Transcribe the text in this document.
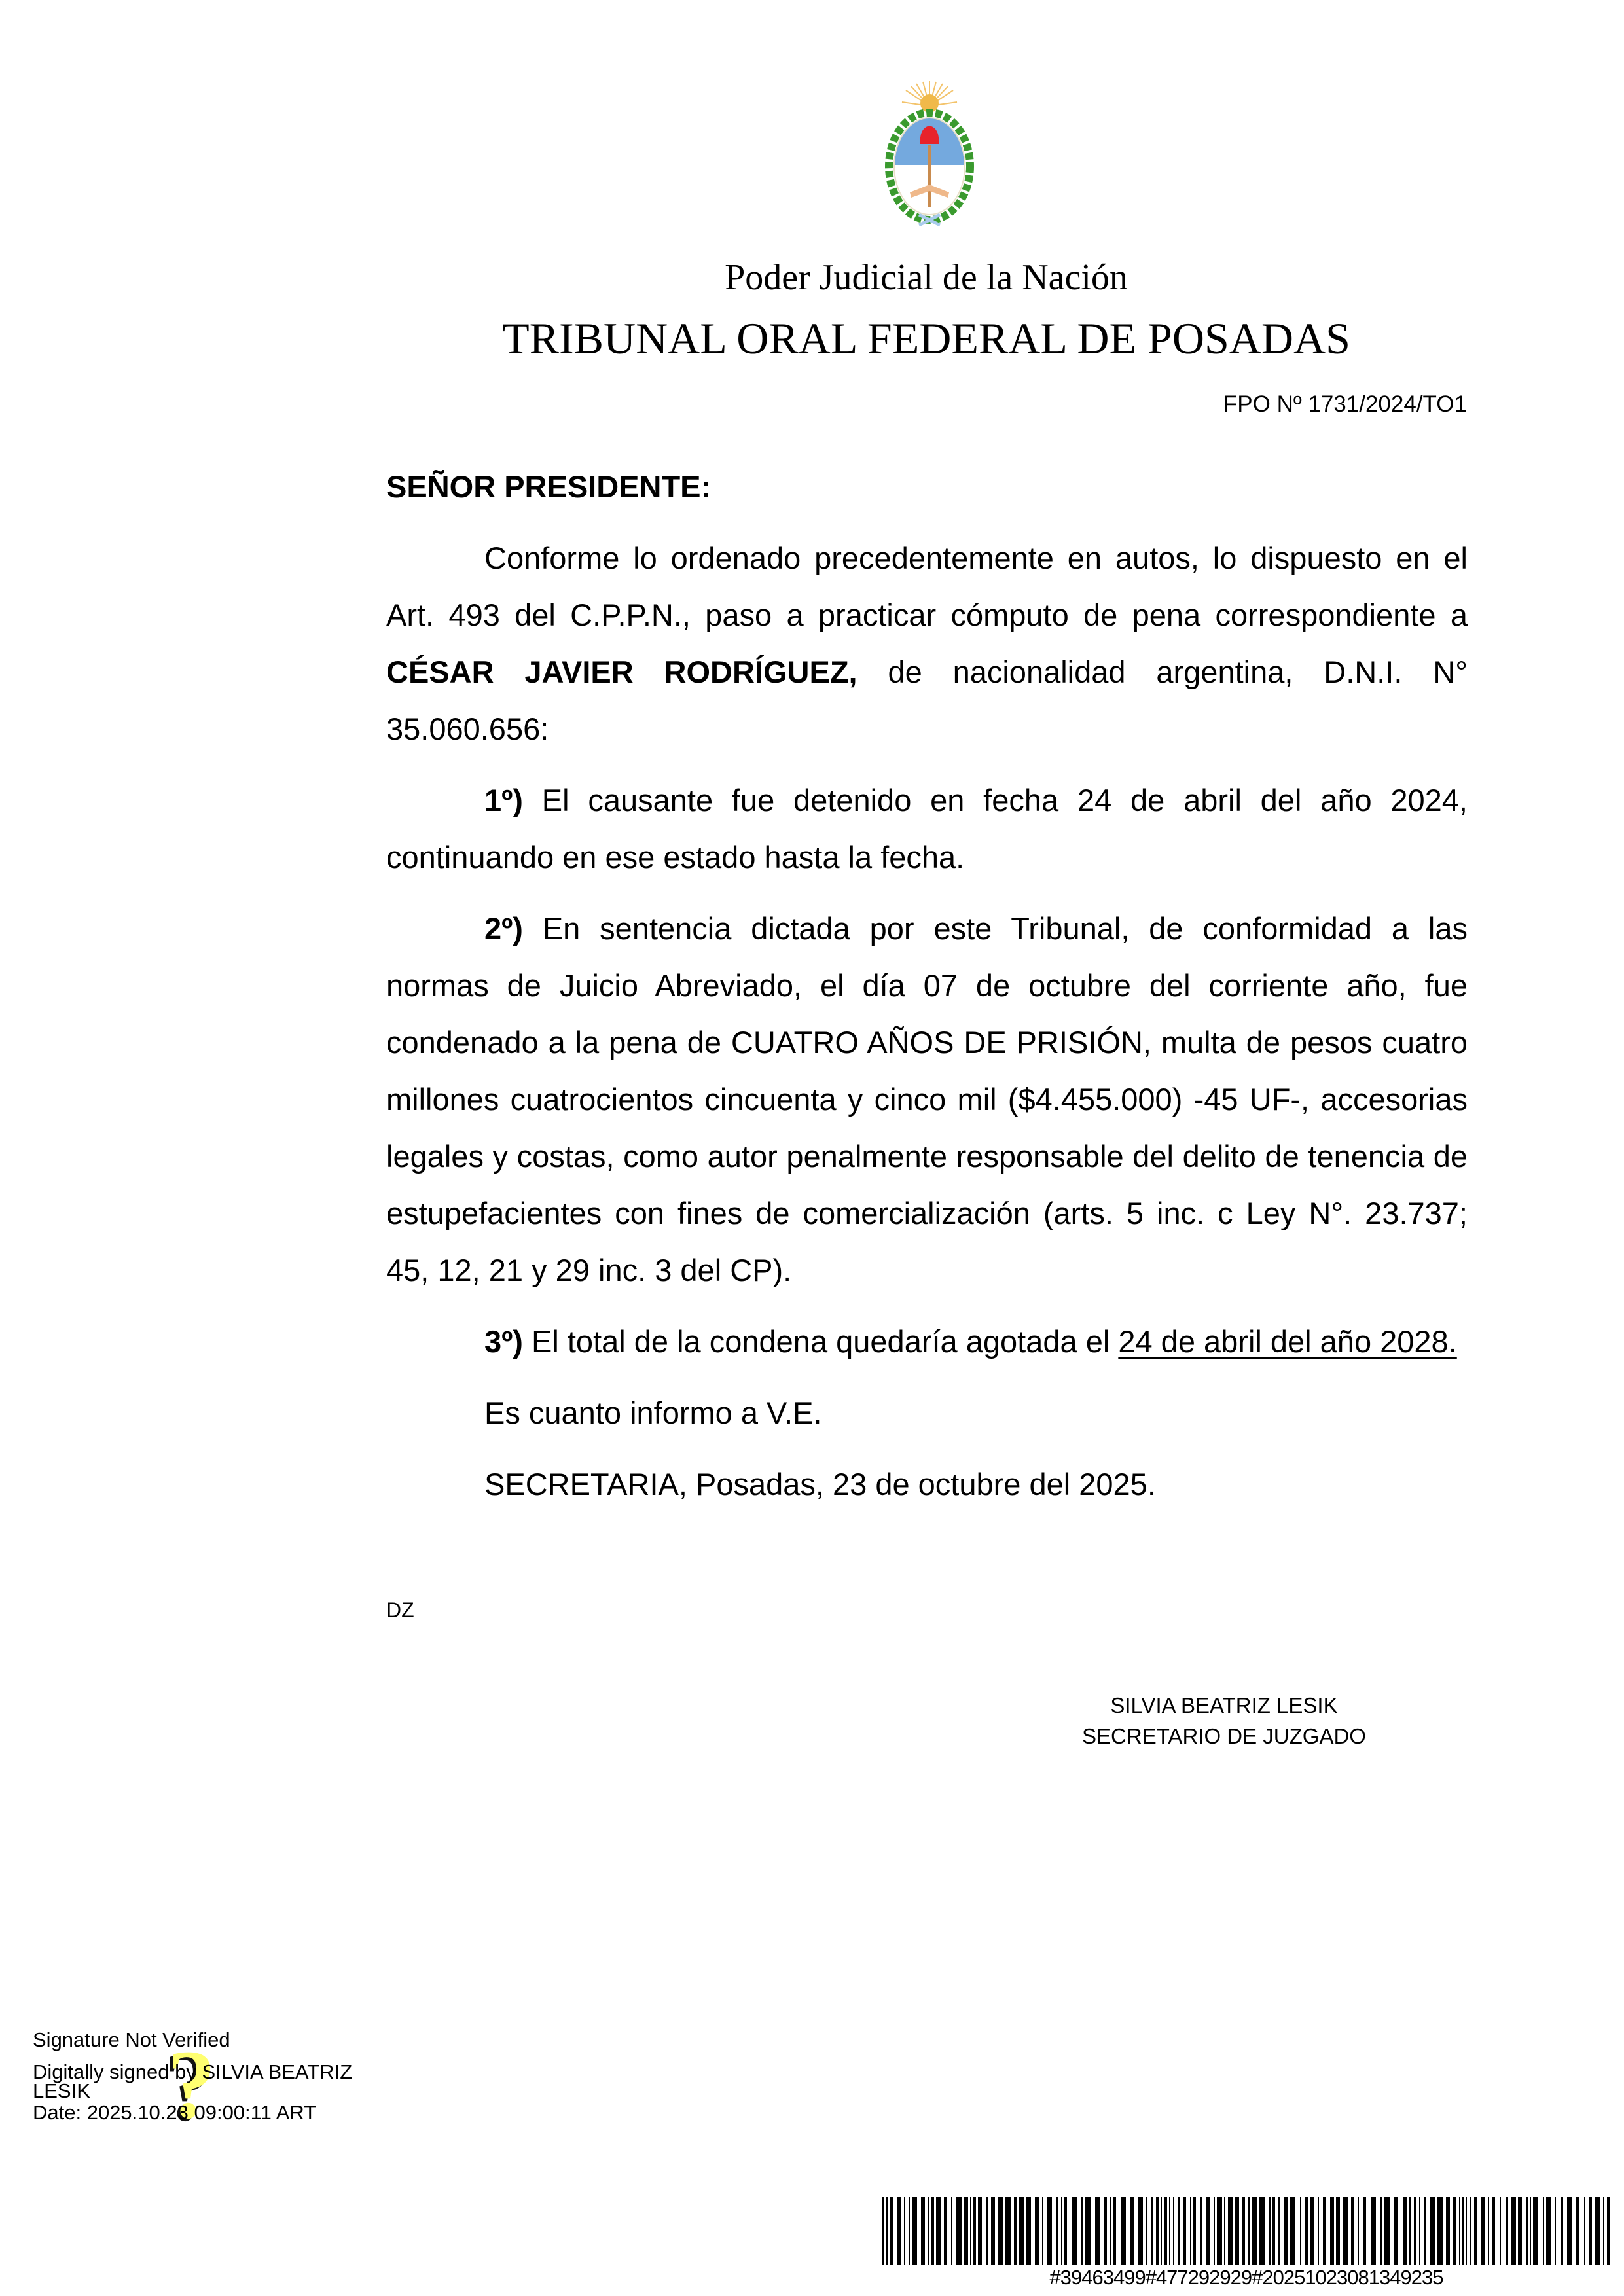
Poder Judicial de la Nación
TRIBUNAL ORAL FEDERAL DE POSADAS
FPO Nº 1731/2024/TO1

SEÑOR PRESIDENTE:

Conforme lo ordenado precedentemente en autos, lo dispuesto en el Art. 493 del C.P.P.N., paso a practicar cómputo de pena correspondiente a CÉSAR JAVIER RODRÍGUEZ, de nacionalidad argentina, D.N.I. N° 35.060.656:

1º) El causante fue detenido en fecha 24 de abril del año 2024, continuando en ese estado hasta la fecha.

2º) En sentencia dictada por este Tribunal, de conformidad a las normas de Juicio Abreviado, el día 07 de octubre del corriente año, fue condenado a la pena de CUATRO AÑOS DE PRISIÓN, multa de pesos cuatro millones cuatrocientos cincuenta y cinco mil ($4.455.000) -45 UF-, accesorias legales y costas, como autor penalmente responsable del delito de tenencia de estupefacientes con fines de comercialización (arts. 5 inc. c Ley N°. 23.737; 45, 12, 21 y 29 inc. 3 del CP).

3º) El total de la condena quedaría agotada el 24 de abril del año 2028.

Es cuanto informo a V.E.

SECRETARIA, Posadas, 23 de octubre del 2025.

DZ
SILVIA BEATRIZ LESIK
SECRETARIO DE JUZGADO
?
Signature Not Verified
Digitally signed by SILVIA BEATRIZ
LESIK
Date: 2025.10.23 09:00:11 ART
#39463499#477292929#20251023081349235
